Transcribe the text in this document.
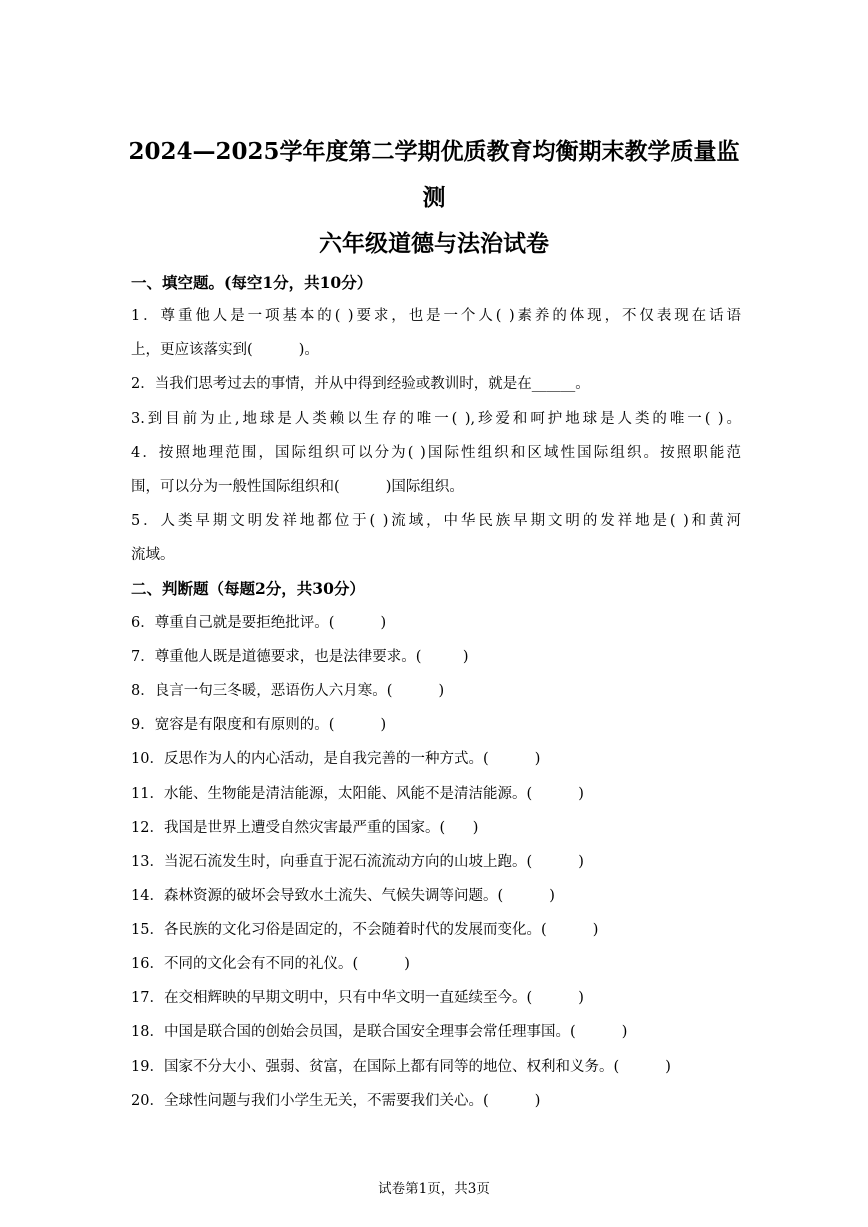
2024—2025学年度第二学期优质教育均衡期末教学质量监
测
六年级道德与法治试卷
一、填空题。(每空1分，共10分）
1．尊重他人是一项基本的( )要求，也是一个人( )素养的体现，不仅表现在话语
上，更应该落实到(          )。
2．当我们思考过去的事情，并从中得到经验或教训时，就是在______。
3.到目前为止,地球是人类赖以生存的唯一( ),珍爱和呵护地球是人类的唯一( )。
4．按照地理范围，国际组织可以分为( )国际性组织和区域性国际组织。按照职能范
围，可以分为一般性国际组织和(          )国际组织。
5．人类早期文明发祥地都位于( )流域，中华民族早期文明的发祥地是( )和黄河
流域。
二、判断题（每题2分，共30分）
6．尊重自己就是要拒绝批评。(          )
7．尊重他人既是道德要求，也是法律要求。(         )
8．良言一句三冬暖，恶语伤人六月寒。(          )
9．宽容是有限度和有原则的。(          )
10．反思作为人的内心活动，是自我完善的一种方式。(          )
11．水能、生物能是清洁能源，太阳能、风能不是清洁能源。(          )
12．我国是世界上遭受自然灾害最严重的国家。(      )
13．当泥石流发生时，向垂直于泥石流流动方向的山坡上跑。(          )
14．森林资源的破坏会导致水土流失、气候失调等问题。(          )
15．各民族的文化习俗是固定的，不会随着时代的发展而变化。(          )
16．不同的文化会有不同的礼仪。(          )
17．在交相辉映的早期文明中，只有中华文明一直延续至今。(          )
18．中国是联合国的创始会员国，是联合国安全理事会常任理事国。(          )
19．国家不分大小、强弱、贫富，在国际上都有同等的地位、权利和义务。(          )
20．全球性问题与我们小学生无关，不需要我们关心。(          )
试卷第1页，共3页
